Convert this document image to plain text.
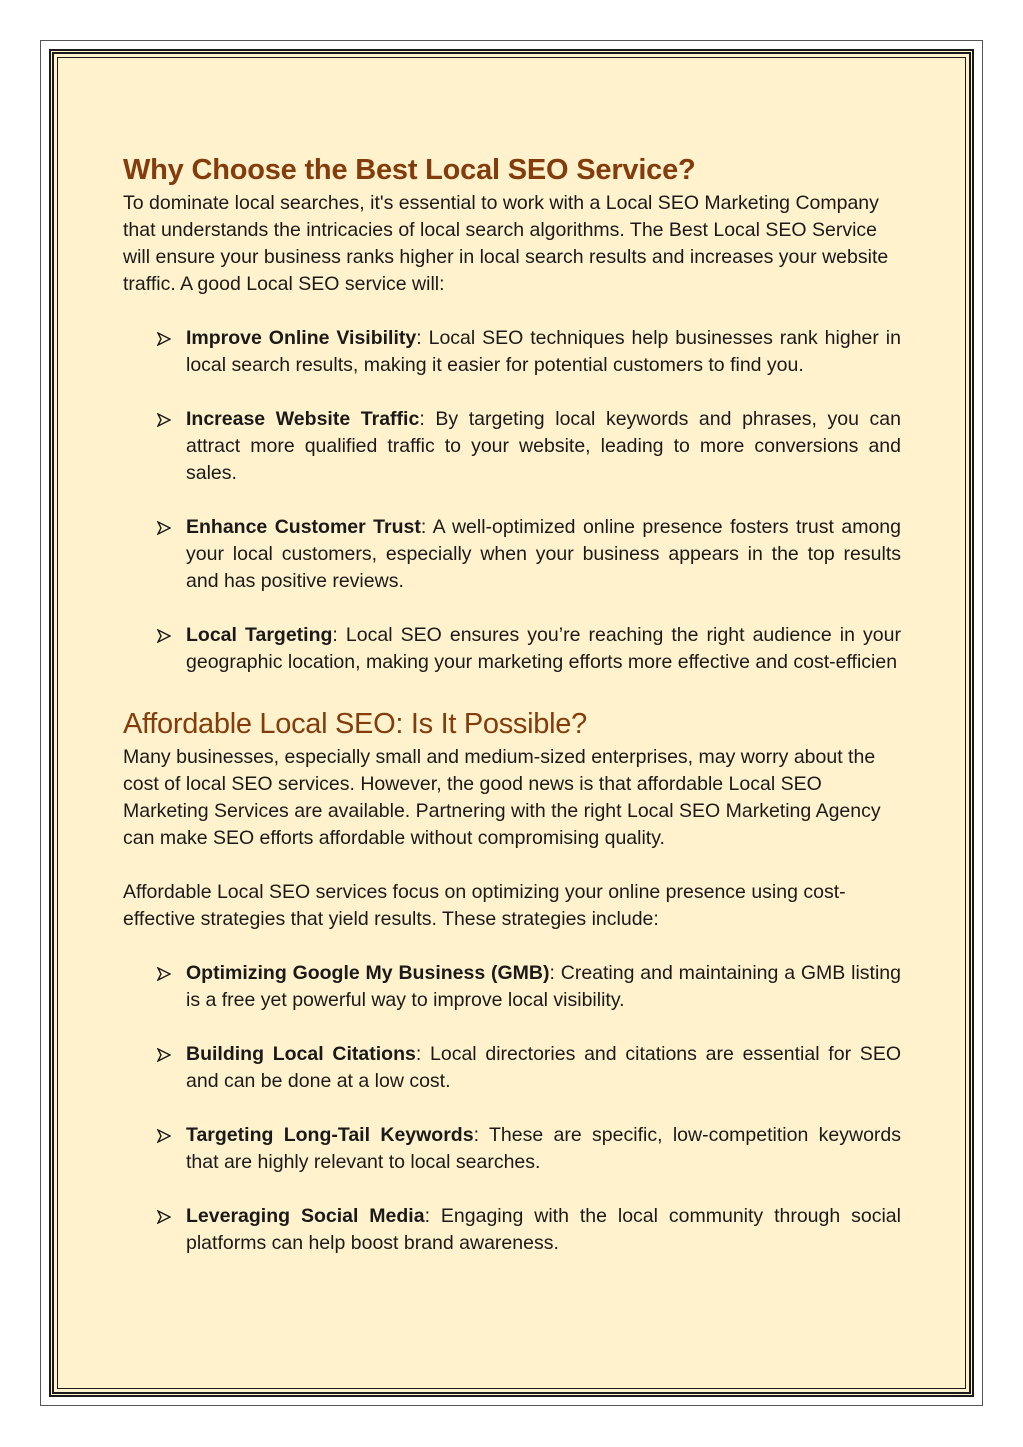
Why Choose the Best Local SEO Service?

To dominate local searches, it's essential to work with a Local SEO Marketing Company that understands the intricacies of local search algorithms. The Best Local SEO Service will ensure your business ranks higher in local search results and increases your website traffic. A good Local SEO service will:

Improve Online Visibility: Local SEO techniques help businesses rank higher in local search results, making it easier for potential customers to find you.
Increase Website Traffic: By targeting local keywords and phrases, you can attract more qualified traffic to your website, leading to more conversions and sales.
Enhance Customer Trust: A well-optimized online presence fosters trust among your local customers, especially when your business appears in the top results and has positive reviews.
Local Targeting: Local SEO ensures you’re reaching the right audience in your geographic location, making your marketing efforts more effective and cost-efficien
Affordable Local SEO: Is It Possible?

Many businesses, especially small and medium-sized enterprises, may worry about the cost of local SEO services. However, the good news is that affordable Local SEO Marketing Services are available. Partnering with the right Local SEO Marketing Agency can make SEO efforts affordable without compromising quality.

Affordable Local SEO services focus on optimizing your online presence using cost-effective strategies that yield results. These strategies include:

Optimizing Google My Business (GMB): Creating and maintaining a GMB listing is a free yet powerful way to improve local visibility.
Building Local Citations: Local directories and citations are essential for SEO and can be done at a low cost.
Targeting Long-Tail Keywords: These are specific, low-competition keywords that are highly relevant to local searches.
Leveraging Social Media: Engaging with the local community through social platforms can help boost brand awareness.
